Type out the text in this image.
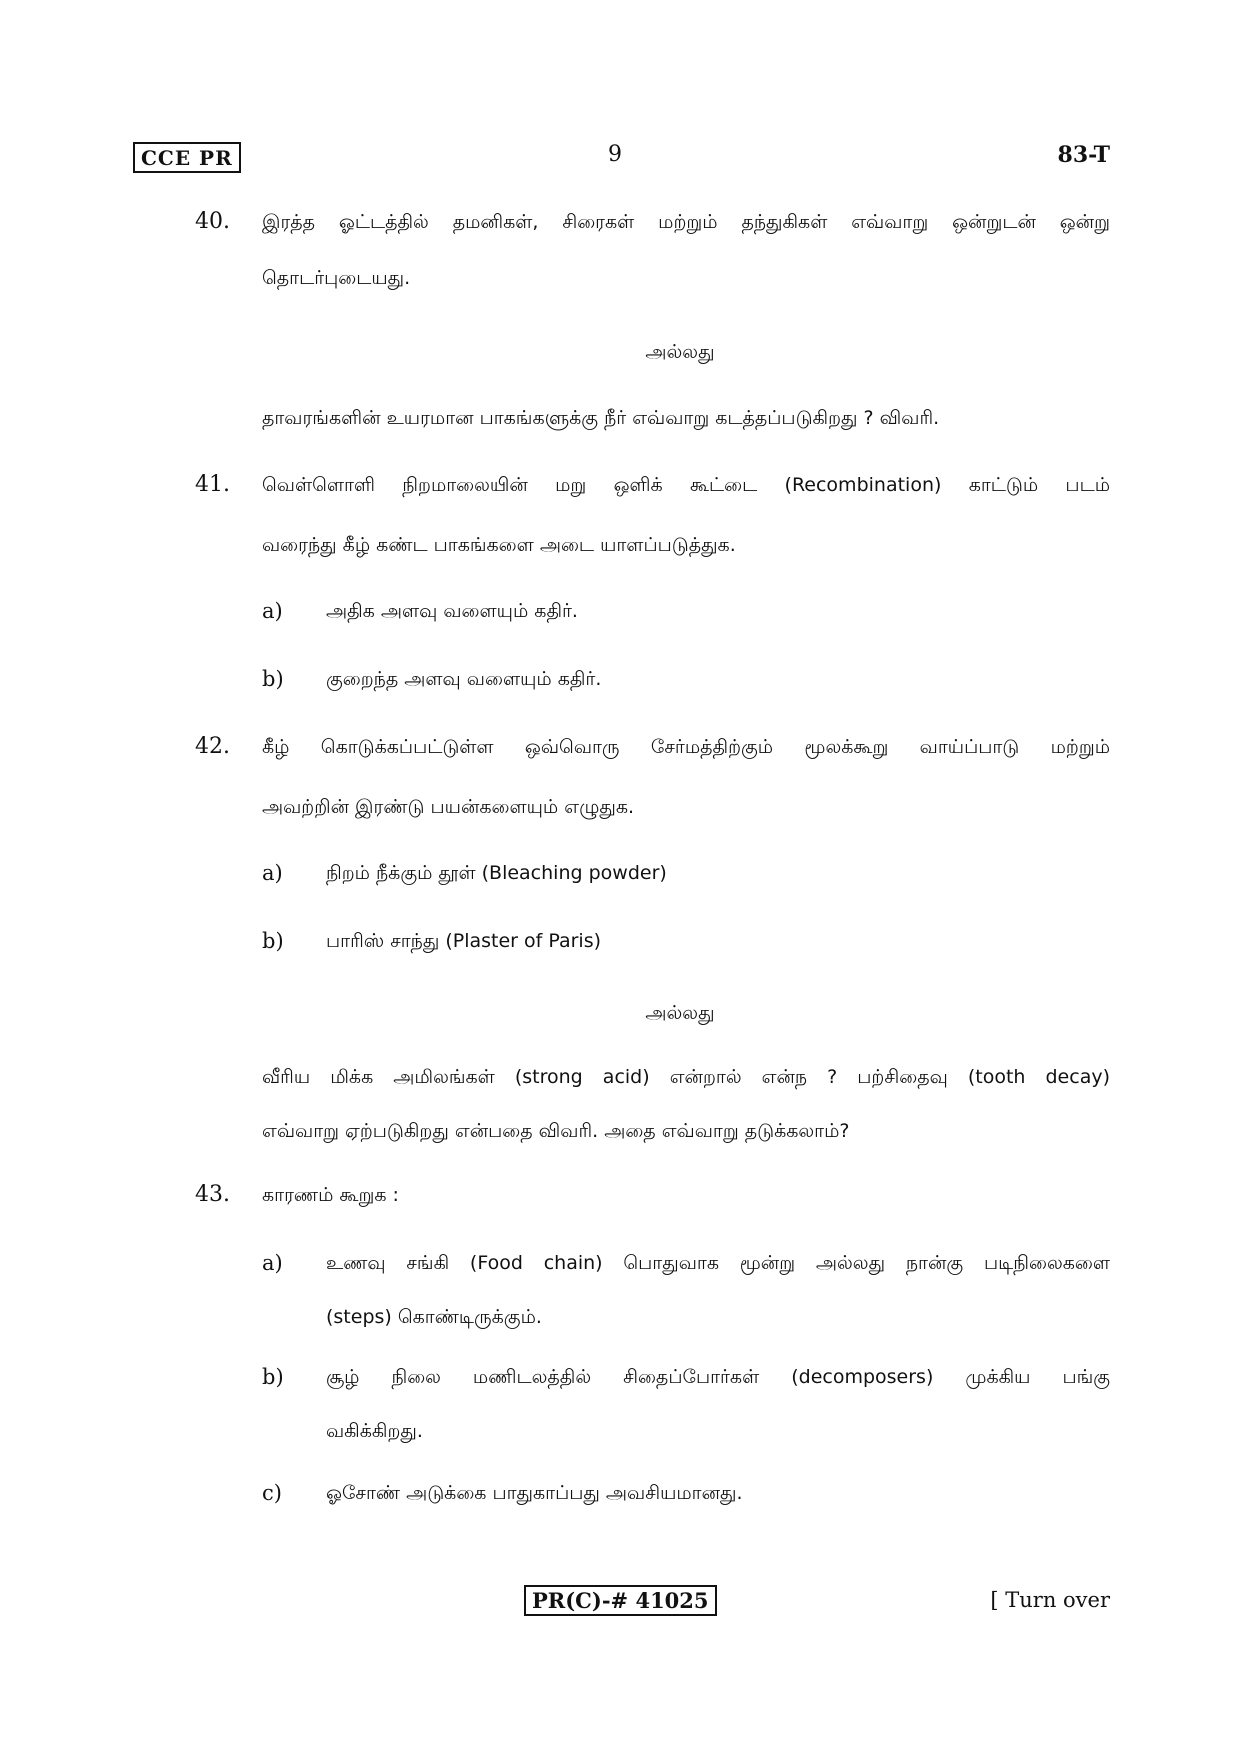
CCE PR	9	83-T
40. இரத்த ஓட்டத்தில் தமனிகள், சிரைகள் மற்றும் தந்துகிகள் எவ்வாறு ஒன்றுடன் ஒன்று
தொடர்புடையது.
அல்லது
தாவரங்களின் உயரமான பாகங்களுக்கு நீர் எவ்வாறு கடத்தப்படுகிறது ? விவரி.
41. வெள்ளொளி நிறமாலையின் மறு ஒளிக் கூட்டை (Recombination) காட்டும் படம்
வரைந்து கீழ் கண்ட பாகங்களை அடை யாளப்படுத்துக.
a) அதிக அளவு வளையும் கதிர்.
b) குறைந்த அளவு வளையும் கதிர்.
42. கீழ் கொடுக்கப்பட்டுள்ள ஒவ்வொரு சேர்மத்திற்கும் மூலக்கூறு வாய்ப்பாடு மற்றும்
அவற்றின் இரண்டு பயன்களையும் எழுதுக.
a) நிறம் நீக்கும் தூள் (Bleaching powder)
b) பாரிஸ் சாந்து (Plaster of Paris)
அல்லது
வீரிய மிக்க அமிலங்கள் (strong acid) என்றால் என்ந ? பற்சிதைவு (tooth decay)
எவ்வாறு ஏற்படுகிறது என்பதை விவரி. அதை எவ்வாறு தடுக்கலாம்?
43. காரணம் கூறுக :
a) உணவு சங்கி (Food chain) பொதுவாக மூன்று அல்லது நான்கு படிநிலைகளை
(steps) கொண்டிருக்கும்.
b) சூழ் நிலை மணிடலத்தில் சிதைப்போர்கள் (decomposers) முக்கிய பங்கு
வகிக்கிறது.
c) ஓசோண் அடுக்கை பாதுகாப்பது அவசியமானது.
PR(C)-# 41025	[ Turn over
